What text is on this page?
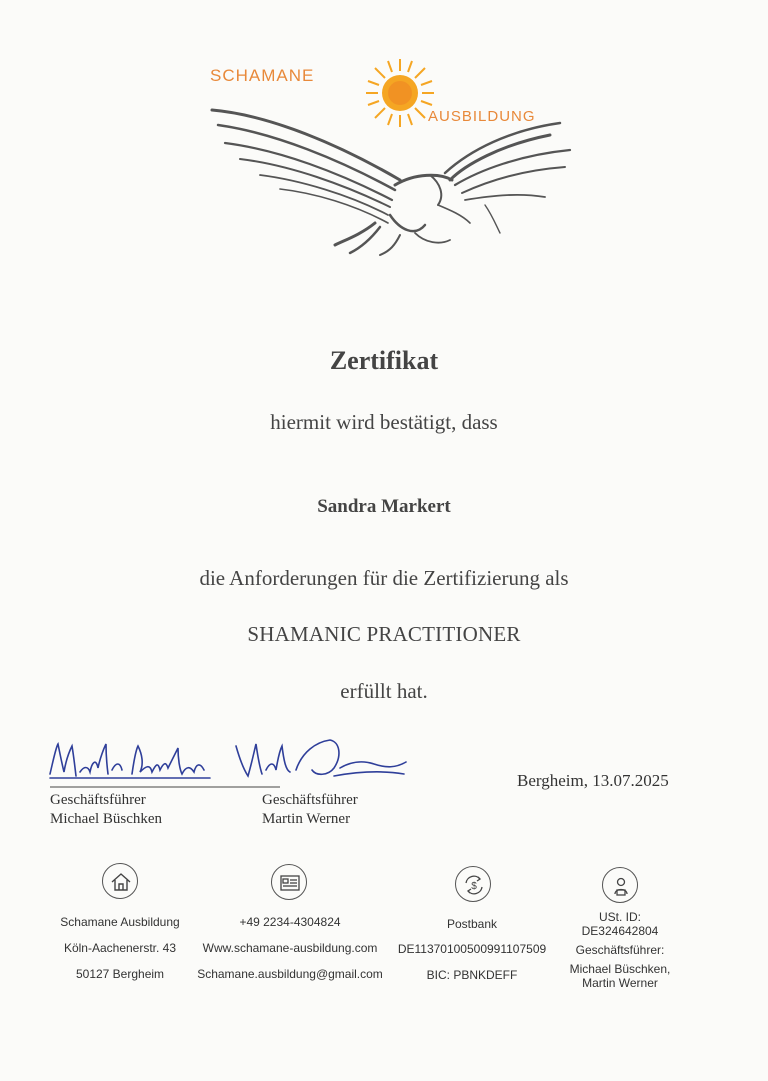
SCHAMANE
AUSBILDUNG
Zertifikat
hiermit wird bestätigt, dass
Sandra Markert
die Anforderungen für die Zertifizierung als
SHAMANIC PRACTITIONER
erfüllt hat.
Geschäftsführer
Michael Büschken
Geschäftsführer
Martin Werner
Bergheim, 13.07.2025
$
Schamane Ausbildung
Köln-Aachenerstr. 43
50127 Bergheim
+49 2234-4304824
Www.schamane-ausbildung.com
Schamane.ausbildung@gmail.com
Postbank
DE11370100500991107509
BIC: PBNKDEFF
USt. ID:
DE324642804
Geschäftsführer:
Michael Büschken,
Martin Werner
